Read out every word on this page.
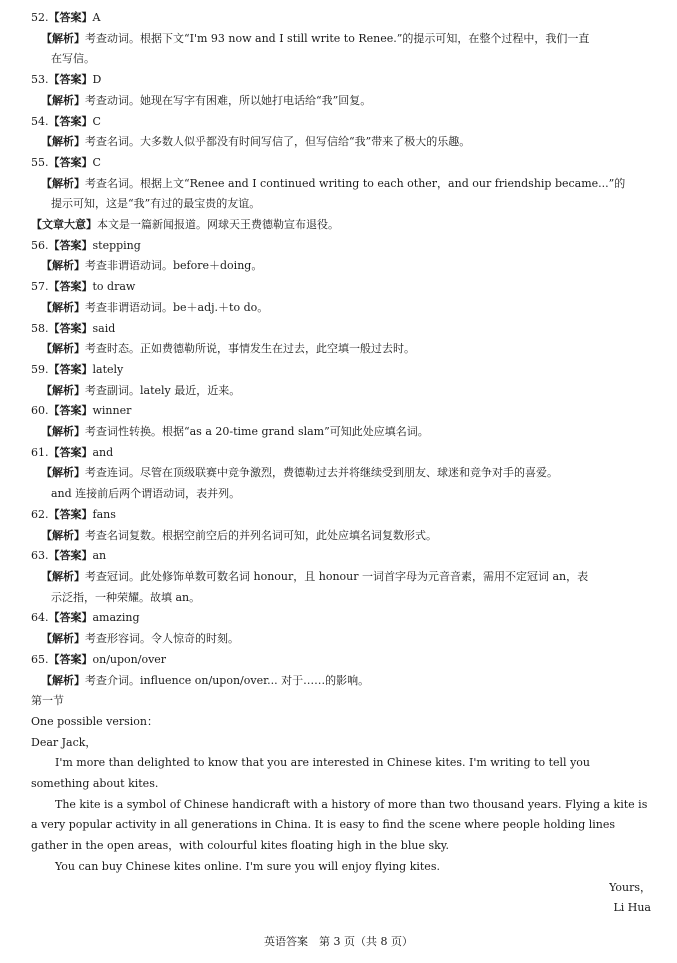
52.【答案】A
【解析】考查动词。根据下文“I'm 93 now and I still write to Renee.”的提示可知，在整个过程中，我们一直
在写信。
53.【答案】D
【解析】考查动词。她现在写字有困难，所以她打电话给“我”回复。
54.【答案】C
【解析】考查名词。大多数人似乎都没有时间写信了，但写信给“我”带来了极大的乐趣。
55.【答案】C
【解析】考查名词。根据上文“Renee and I continued writing to each other，and our friendship became...”的
提示可知，这是“我”有过的最宝贵的友谊。
【文章大意】本文是一篇新闻报道。网球天王费德勒宣布退役。
56.【答案】stepping
【解析】考查非谓语动词。before＋doing。
57.【答案】to draw
【解析】考查非谓语动词。be＋adj.＋to do。
58.【答案】said
【解析】考查时态。正如费德勒所说，事情发生在过去，此空填一般过去时。
59.【答案】lately
【解析】考查副词。lately 最近，近来。
60.【答案】winner
【解析】考查词性转换。根据“as a 20-time grand slam”可知此处应填名词。
61.【答案】and
【解析】考查连词。尽管在顶级联赛中竞争激烈，费德勒过去并将继续受到朋友、球迷和竞争对手的喜爱。
and 连接前后两个谓语动词，表并列。
62.【答案】fans
【解析】考查名词复数。根据空前空后的并列名词可知，此处应填名词复数形式。
63.【答案】an
【解析】考查冠词。此处修饰单数可数名词 honour，且 honour 一词首字母为元音音素，需用不定冠词 an，表
示泛指，一种荣耀。故填 an。
64.【答案】amazing
【解析】考查形容词。令人惊奇的时刻。
65.【答案】on/upon/over
【解析】考查介词。influence on/upon/over... 对于……的影响。
第一节
One possible version：
Dear Jack，
I'm more than delighted to know that you are interested in Chinese kites. I'm writing to tell you something about kites.
The kite is a symbol of Chinese handicraft with a history of more than two thousand years. Flying a kite is a very popular activity in all generations in China. It is easy to find the scene where people holding lines gather in the open areas，with colourful kites floating high in the blue sky.
You can buy Chinese kites online. I'm sure you will enjoy flying kites.
Yours，
Li Hua
英语答案　第 3 页（共 8 页）
